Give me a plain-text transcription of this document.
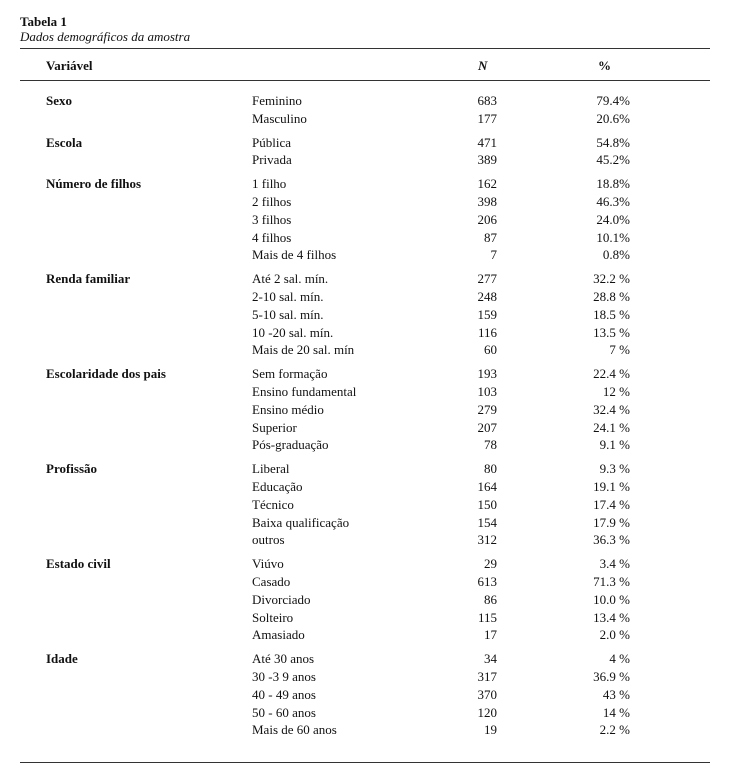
Tabela 1
Dados demográficos da amostra
Variável	N	%
Sexo	Feminino	683	79.4%
Masculino	177	20.6%
Escola	Pública	471	54.8%
Privada	389	45.2%
Número de filhos	1 filho	162	18.8%
2 filhos	398	46.3%
3 filhos	206	24.0%
4 filhos	87	10.1%
Mais de 4 filhos	7	0.8%
Renda familiar	Até 2 sal. mín.	277	32.2 %
2-10 sal. mín.	248	28.8 %
5-10 sal. mín.	159	18.5 %
10 -20 sal. mín.	116	13.5 %
Mais de 20 sal. mín	60	7 %
Escolaridade dos pais	Sem formação	193	22.4 %
Ensino fundamental	103	12 %
Ensino médio	279	32.4 %
Superior	207	24.1 %
Pós-graduação	78	9.1 %
Profissão	Liberal	80	9.3 %
Educação	164	19.1 %
Técnico	150	17.4 %
Baixa qualificação	154	17.9 %
outros	312	36.3 %
Estado civil	Viúvo	29	3.4 %
Casado	613	71.3 %
Divorciado	86	10.0 %
Solteiro	115	13.4 %
Amasiado	17	2.0 %
Idade	Até 30 anos	34	4 %
30 -3 9 anos	317	36.9 %
40 - 49 anos	370	43 %
50 - 60 anos	120	14 %
Mais de 60 anos	19	2.2 %
